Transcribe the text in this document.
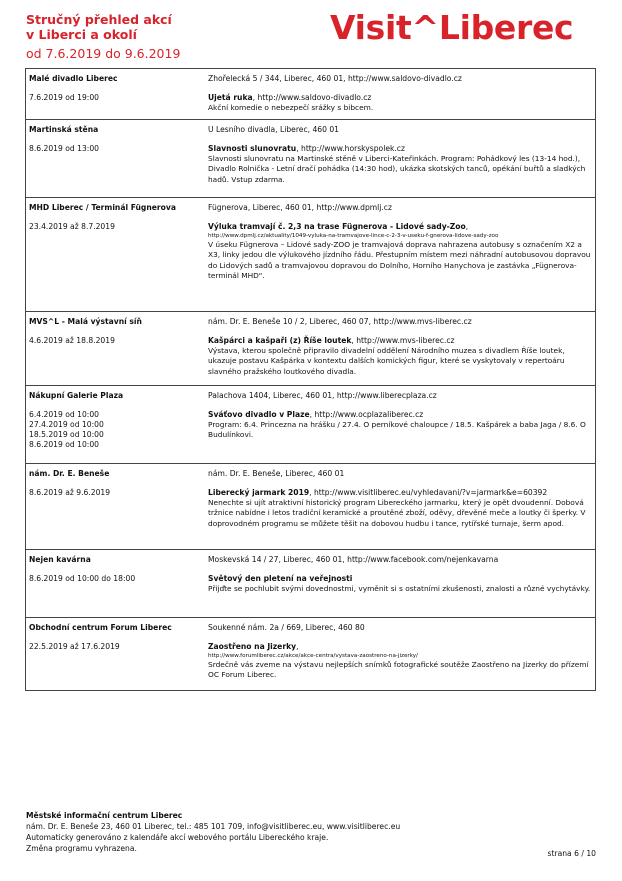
Stručný přehled akcí
v Liberci a okolí
od 7.6.2019 do 9.6.2019
Visit^Liberec
Malé divadlo Liberec
7.6.2019 od 19:00
Zhořelecká 5 / 344, Liberec, 460 01, http://www.saldovo-divadlo.cz
Ujetá ruka, http://www.saldovo-divadlo.cz
Akční komedie o nebezpečí srážky s bibcem.
Martinská stěna
8.6.2019 od 13:00
U Lesního divadla, Liberec, 460 01
Slavnosti slunovratu, http://www.horskyspolek.cz
Slavnosti slunovratu na Martinské stěně v Liberci-Kateřinkách. Program: Pohádkový les (13-14 hod.), Divadlo Rolnička - Letní dračí pohádka (14:30 hod), ukázka skotských tanců, opékání buřtů a sladkých hadů. Vstup zdarma.
MHD Liberec / Terminál Fügnerova
23.4.2019 až 8.7.2019
Fügnerova, Liberec, 460 01, http://www.dpmlj.cz
Výluka tramvají č. 2,3 na trase Fügnerova - Lidové sady-Zoo,
http://www.dpmlj.cz/aktuality/1049-vyluka-na-tramvajove-lince-c-2-3-v-useku-f-gnerova-lidove-sady-zoo
V úseku Fügnerova – Lidové sady-ZOO je tramvajová doprava nahrazena autobusy s označením X2 a X3, linky jedou dle výlukového jízdního řádu. Přestupním místem mezi náhradní autobusovou dopravou do Lidových sadů a tramvajovou dopravou do Dolního, Horního Hanychova je zastávka „Fügnerova-terminál MHD“.
MVS^L - Malá výstavní síň
4.6.2019 až 18.8.2019
nám. Dr. E. Beneše 10 / 2, Liberec, 460 07, http://www.mvs-liberec.cz
Kašpárci a kašpaři (z) Říše loutek, http://www.mvs-liberec.cz
Výstava, kterou společně připravilo divadelní oddělení Národního muzea s divadlem Říše loutek, ukazuje postavu Kašpárka v kontextu dalších komických figur, které se vyskytovaly v repertoáru slavného pražského loutkového divadla.
Nákupní Galerie Plaza
6.4.2019 od 10:00
27.4.2019 od 10:00
18.5.2019 od 10:00
8.6.2019 od 10:00
Palachova 1404, Liberec, 460 01, http://www.liberecplaza.cz
Sváťovo divadlo v Plaze, http://www.ocplazaliberec.cz
Program: 6.4. Princezna na hrášku / 27.4. O perníkové chaloupce / 18.5. Kašpárek a baba Jaga / 8.6. O Budulínkovi.
nám. Dr. E. Beneše
8.6.2019 až 9.6.2019
nám. Dr. E. Beneše, Liberec, 460 01
Liberecký jarmark 2019, http://www.visitliberec.eu/vyhledavani/?v=jarmark&e=60392
Nenechte si ujít atraktivní historický program Libereckého jarmarku, který je opět dvoudenní. Dobová tržnice nabídne i letos tradiční keramické a proutěné zboží, oděvy, dřevěné meče a loutky či šperky. V doprovodném programu se můžete těšit na dobovou hudbu i tance, rytířské turnaje, šerm apod.
Nejen kavárna
8.6.2019 od 10:00 do 18:00
Moskevská 14 / 27, Liberec, 460 01, http://www.facebook.com/nejenkavarna
Světový den pletení na veřejnosti
Přijďte se pochlubit svými dovednostmi, vyměnit si s ostatními zkušenosti, znalosti a různé vychytávky.
Obchodní centrum Forum Liberec
22.5.2019 až 17.6.2019
Soukenné nám. 2a / 669, Liberec, 460 80
Zaostřeno na Jizerky,
http://www.forumliberec.cz/akce/akce-centra/vystava-zaostreno-na-jizerky/
Srdečně vás zveme na výstavu nejlepších snímků fotografické soutěže Zaostřeno na Jizerky do přízemí OC Forum Liberec.
Městské informační centrum Liberec
nám. Dr. E. Beneše 23, 460 01 Liberec, tel.: 485 101 709, info@visitliberec.eu, www.visitliberec.eu
Automaticky generováno z kalendáře akcí webového portálu Libereckého kraje.
Změna programu vyhrazena.
strana 6 / 10
